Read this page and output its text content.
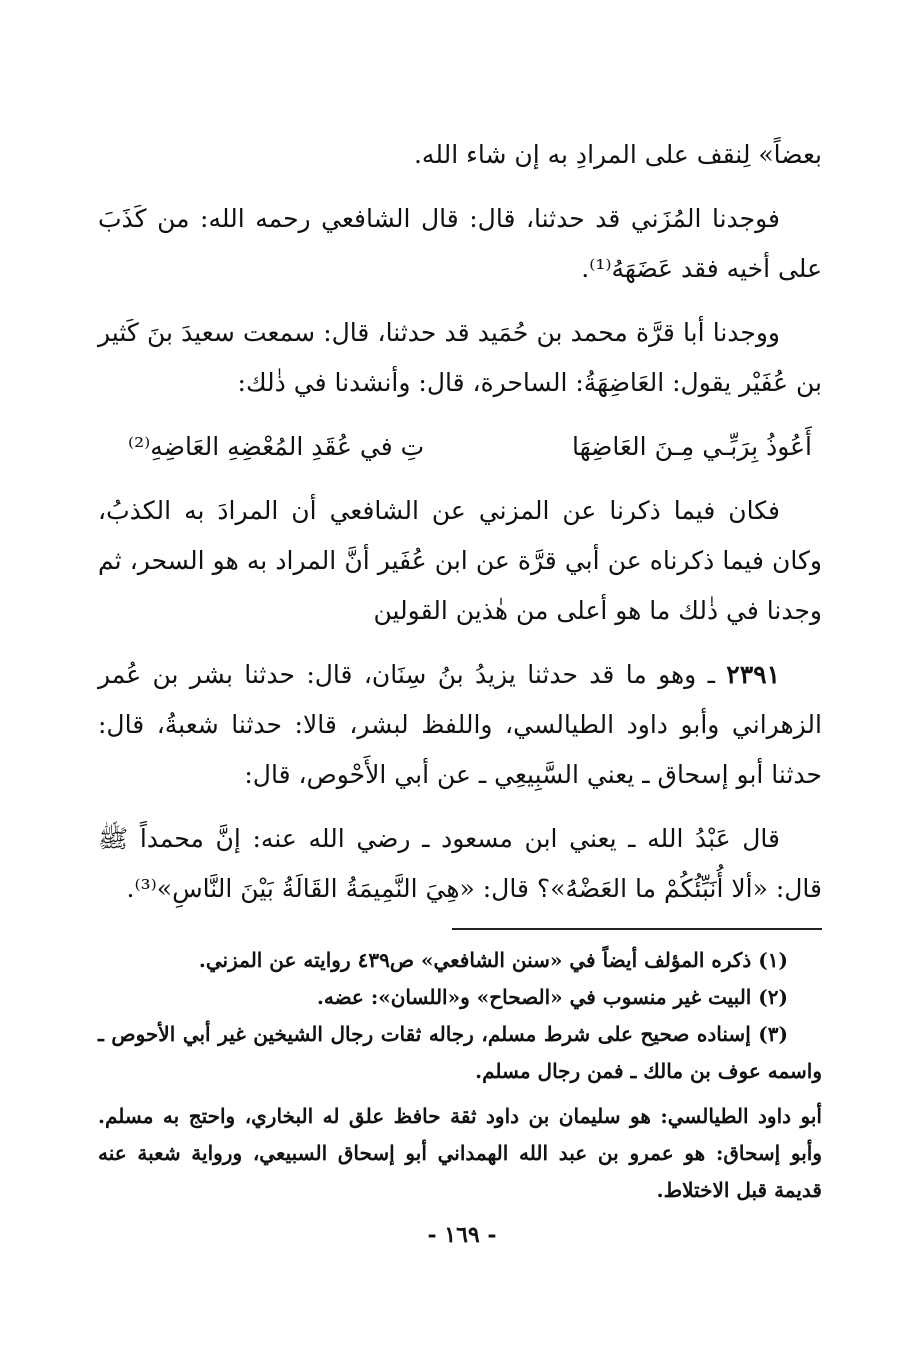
بعضاً» لِنقف على المرادِ به إن شاء الله.

فوجدنا المُزَني قد حدثنا، قال: قال الشافعي رحمه الله: من كَذَبَ على أخيه فقد عَضَهَهُ⁽¹⁾.

ووجدنا أبا قرَّة محمد بن حُمَيد قد حدثنا، قال: سمعت سعيدَ بنَ كَثير بن عُفَيْر يقول: العَاضِهَةُ: الساحرة، قال: وأنشدنا في ذٰلك:

أَعُوذُ بِرَبِّـي مِـنَ العَاضِهَا
تِ في عُقَدِ المُعْضِهِ العَاضِهِ⁽²⁾

فكان فيما ذكرنا عن المزني عن الشافعي أن المرادَ به الكذبُ، وكان فيما ذكرناه عن أبي قرَّة عن ابن عُفَير أنَّ المراد به هو السحر، ثم وجدنا في ذٰلك ما هو أعلى من هٰذين القولين

٢٣٩١ ـ وهو ما قد حدثنا يزيدُ بنُ سِنَان، قال: حدثنا بشر بن عُمر الزهراني وأبو داود الطيالسي، واللفظ لبشر، قالا: حدثنا شعبةُ، قال: حدثنا أبو إسحاق ـ يعني السَّبِيعِي ـ عن أبي الأَحْوص، قال:

قال عَبْدُ الله ـ يعني ابن مسعود ـ رضي الله عنه: إنَّ محمداً ﷺ قال: «ألا أُنَبِّئُكُمْ ما العَضْهُ»؟ قال: «هِيَ النَّمِيمَةُ القَالَةُ بَيْنَ النَّاسِ»⁽³⁾.

(١) ذكره المؤلف أيضاً في «سنن الشافعي» ص٤٣٩ روايته عن المزني.

(٢) البيت غير منسوب في «الصحاح» و«اللسان»: عضه.

(٣) إسناده صحيح على شرط مسلم، رجاله ثقات رجال الشيخين غير أبي الأحوص ـ واسمه عوف بن مالك ـ فمن رجال مسلم.

أبو داود الطيالسي: هو سليمان بن داود ثقة حافظ علق له البخاري، واحتج به مسلم. وأبو إسحاق: هو عمرو بن عبد الله الهمداني أبو إسحاق السبيعي، ورواية شعبة عنه قديمة قبل الاختلاط.

- ١٦٩ -
